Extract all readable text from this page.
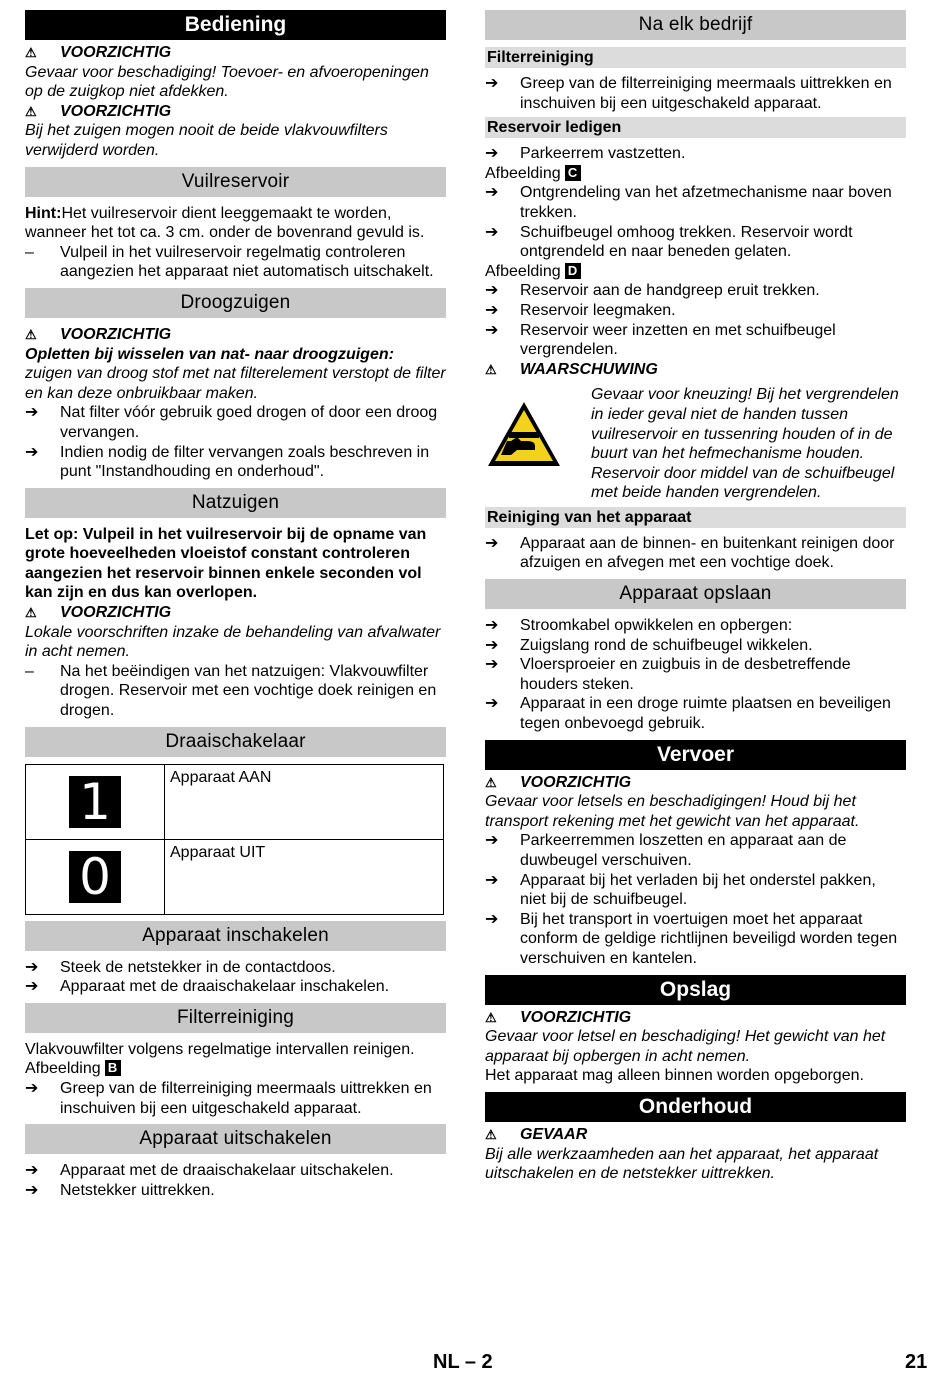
Bediening
⚠	VOORZICHTIG

Gevaar voor beschadiging! Toevoer- en afvoeropeningen op de zuigkop niet afdekken.

⚠	VOORZICHTIG

Bij het zuigen mogen nooit de beide vlakvouwfilters verwijderd worden.

Vuilreservoir

Hint:Het vuilreservoir dient leeggemaakt te worden, wanneer het tot ca. 3 cm. onder de bovenrand gevuld is.

–	Vulpeil in het vuilreservoir regelmatig controleren aangezien het apparaat niet automatisch uitschakelt.
Droogzuigen
⚠	VOORZICHTIG

Opletten bij wisselen van nat- naar droogzuigen:

zuigen van droog stof met nat filterelement verstopt de filter en kan deze onbruikbaar maken.

➔	Nat filter vóór gebruik goed drogen of door een droog vervangen.
➔	Indien nodig de filter vervangen zoals beschreven in punt "Instandhouding en onderhoud".
Natzuigen

Let op: Vulpeil in het vuilreservoir bij de opname van grote hoeveelheden vloeistof constant controleren aangezien het reservoir binnen enkele seconden vol kan zijn en dus kan overlopen.

⚠	VOORZICHTIG

Lokale voorschriften inzake de behandeling van afvalwater in acht nemen.

–	Na het beëindigen van het natzuigen: Vlakvouwfilter drogen. Reservoir met een vochtige doek reinigen en drogen.
Draaischakelaar
1	Apparaat AAN
0	Apparaat UIT
Apparaat inschakelen
➔	Steek de netstekker in de contactdoos.
➔	Apparaat met de draaischakelaar inschakelen.
Filterreiniging

Vlakvouwfilter volgens regelmatige intervallen reinigen.

Afbeelding B

➔	Greep van de filterreiniging meermaals uittrekken en inschuiven bij een uitgeschakeld apparaat.
Apparaat uitschakelen
➔	Apparaat met de draaischakelaar uitschakelen.
➔	Netstekker uittrekken.
Na elk bedrijf
Filterreiniging
➔	Greep van de filterreiniging meermaals uittrekken en inschuiven bij een uitgeschakeld apparaat.
Reservoir ledigen
➔	Parkeerrem vastzetten.

Afbeelding C

➔	Ontgrendeling van het afzetmechanisme naar boven trekken.
➔	Schuifbeugel omhoog trekken. Reservoir wordt ontgrendeld en naar beneden gelaten.

Afbeelding D

➔	Reservoir aan de handgreep eruit trekken.
➔	Reservoir leegmaken.
➔	Reservoir weer inzetten en met schuifbeugel vergrendelen.
⚠	WAARSCHUWING

Gevaar voor kneuzing! Bij het vergrendelen in ieder geval niet de handen tussen vuilreservoir en tussenring houden of in de buurt van het hefmechanisme houden. Reservoir door middel van de schuifbeugel met beide handen vergrendelen.

Reiniging van het apparaat
➔	Apparaat aan de binnen- en buitenkant reinigen door afzuigen en afvegen met een vochtige doek.
Apparaat opslaan
➔	Stroomkabel opwikkelen en opbergen:
➔	Zuigslang rond de schuifbeugel wikkelen.
➔	Vloersproeier en zuigbuis in de desbetreffende houders steken.
➔	Apparaat in een droge ruimte plaatsen en beveiligen tegen onbevoegd gebruik.
Vervoer
⚠	VOORZICHTIG

Gevaar voor letsels en beschadigingen! Houd bij het transport rekening met het gewicht van het apparaat.

➔	Parkeerremmen loszetten en apparaat aan de duwbeugel verschuiven.
➔	Apparaat bij het verladen bij het onderstel pakken, niet bij de schuifbeugel.
➔	Bij het transport in voertuigen moet het apparaat conform de geldige richtlijnen beveiligd worden tegen verschuiven en kantelen.
Opslag
⚠	VOORZICHTIG

Gevaar voor letsel en beschadiging! Het gewicht van het apparaat bij opbergen in acht nemen.

Het apparaat mag alleen binnen worden opgeborgen.

Onderhoud
⚠	GEVAAR

Bij alle werkzaamheden aan het apparaat, het apparaat uitschakelen en de netstekker uittrekken.

NL – 2	21
